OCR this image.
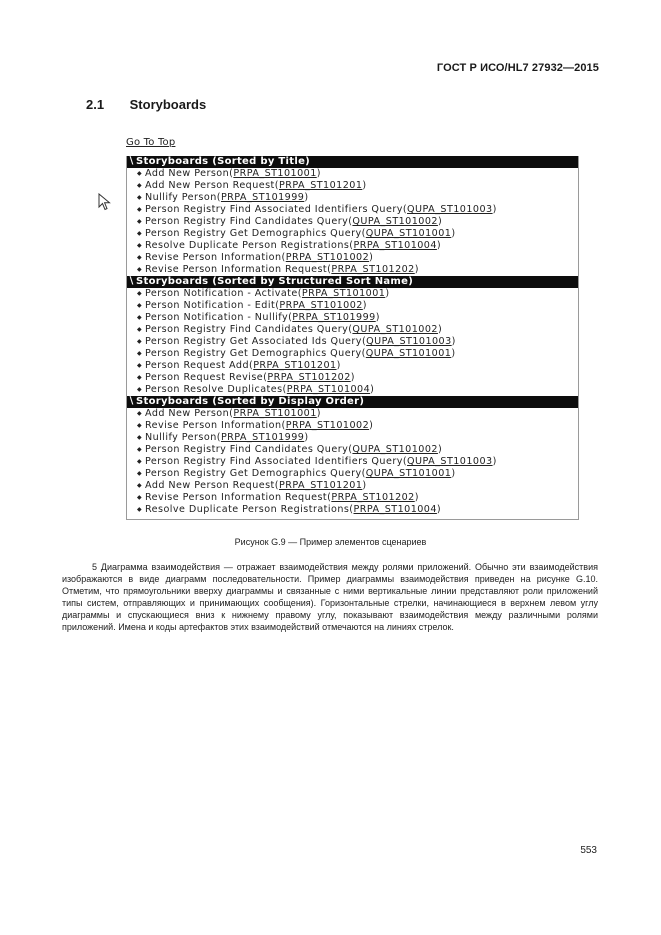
ГОСТ Р ИСО/HL7 27932—2015
2.1 Storyboards
Go To Top
∖Storyboards (Sorted by Title)
◆ Add New Person(PRPA_ST101001)
◆ Add New Person Request(PRPA_ST101201)
◆ Nullify Person(PRPA_ST101999)
◆ Person Registry Find Associated Identifiers Query(QUPA_ST101003)
◆ Person Registry Find Candidates Query(QUPA_ST101002)
◆ Person Registry Get Demographics Query(QUPA_ST101001)
◆ Resolve Duplicate Person Registrations(PRPA_ST101004)
◆ Revise Person Information(PRPA_ST101002)
◆ Revise Person Information Request(PRPA_ST101202)
∖Storyboards (Sorted by Structured Sort Name)
◆ Person Notification - Activate(PRPA_ST101001)
◆ Person Notification - Edit(PRPA_ST101002)
◆ Person Notification - Nullify(PRPA_ST101999)
◆ Person Registry Find Candidates Query(QUPA_ST101002)
◆ Person Registry Get Associated Ids Query(QUPA_ST101003)
◆ Person Registry Get Demographics Query(QUPA_ST101001)
◆ Person Request Add(PRPA_ST101201)
◆ Person Request Revise(PRPA_ST101202)
◆ Person Resolve Duplicates(PRPA_ST101004)
∖Storyboards (Sorted by Display Order)
◆ Add New Person(PRPA_ST101001)
◆ Revise Person Information(PRPA_ST101002)
◆ Nullify Person(PRPA_ST101999)
◆ Person Registry Find Candidates Query(QUPA_ST101002)
◆ Person Registry Find Associated Identifiers Query(QUPA_ST101003)
◆ Person Registry Get Demographics Query(QUPA_ST101001)
◆ Add New Person Request(PRPA_ST101201)
◆ Revise Person Information Request(PRPA_ST101202)
◆ Resolve Duplicate Person Registrations(PRPA_ST101004)
Рисунок G.9 — Пример элементов сценариев

5 Диаграмма взаимодействия — отражает взаимодействия между ролями приложений. Обычно эти взаимодействия изображаются в виде диаграмм последовательности. Пример диаграммы взаимодействия приведен на рисунке G.10. Отметим, что прямоугольники вверху диаграммы и связанные с ними вертикальные линии представляют роли приложений типы систем, отправляющих и принимающих сообщения). Горизонтальные стрелки, начинающиеся в верхнем левом углу диаграммы и спускающиеся вниз к нижнему правому углу, показывают взаимодействия между различными ролями приложений. Имена и коды артефактов этих взаимодействий отмечаются на линиях стрелок.

553
